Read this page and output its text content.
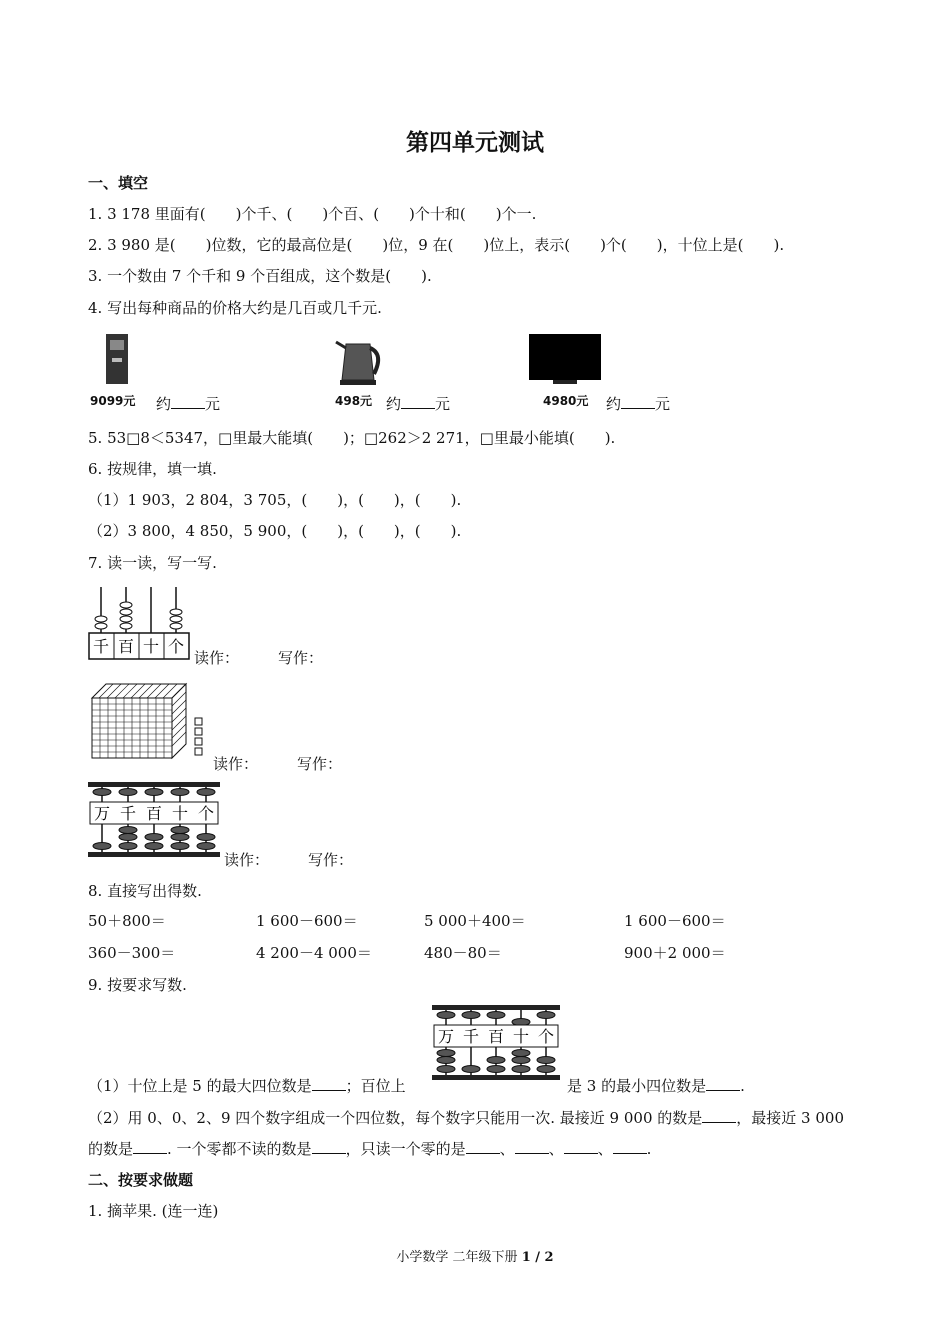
第四单元测试
一、填空
1. 3 178 里面有(　　)个千、(　　)个百、(　　)个十和(　　)个一.
2. 3 980 是(　　)位数，它的最高位是(　　)位，9 在(　　)位上，表示(　　)个(　　)，十位上是(　　).
3. 一个数由 7 个千和 9 个百组成，这个数是(　　).
4. 写出每种商品的价格大约是几百或几千元.
9099元 约 元	498元 约 元	4980元 约 元
5. 53□8＜5347，□里最大能填(　　)；□262＞2 271，□里最小能填(　　).
6. 按规律，填一填.
（1）1 903，2 804，3 705，(　　)，(　　)，(　　).
（2）3 800，4 850，5 900，(　　)，(　　)，(　　).
7. 读一读，写一写.
千 百 十 个
读作：	写作：
读作：	写作：
万 千 百 十 个
读作：	写作：
8. 直接写出得数.
50＋800＝	1 600－600＝	5 000＋400＝	1 600－600＝
360－300＝	4 200－4 000＝	480－80＝	900＋2 000＝
9. 按要求写数.
万 千 百 十 个
（1）十位上是 5 的最大四位数是 ；百位上	是 3 的最小四位数是 .
（2）用 0、0、2、9 四个数字组成一个四位数，每个数字只能用一次. 最接近 9 000 的数是 ，最接近 3 000
的数是 . 一个零都不读的数是 ，只读一个零的是 、 、 、 .
二、按要求做题
1. 摘苹果. (连一连)
小学数学 二年级下册 1 / 2
